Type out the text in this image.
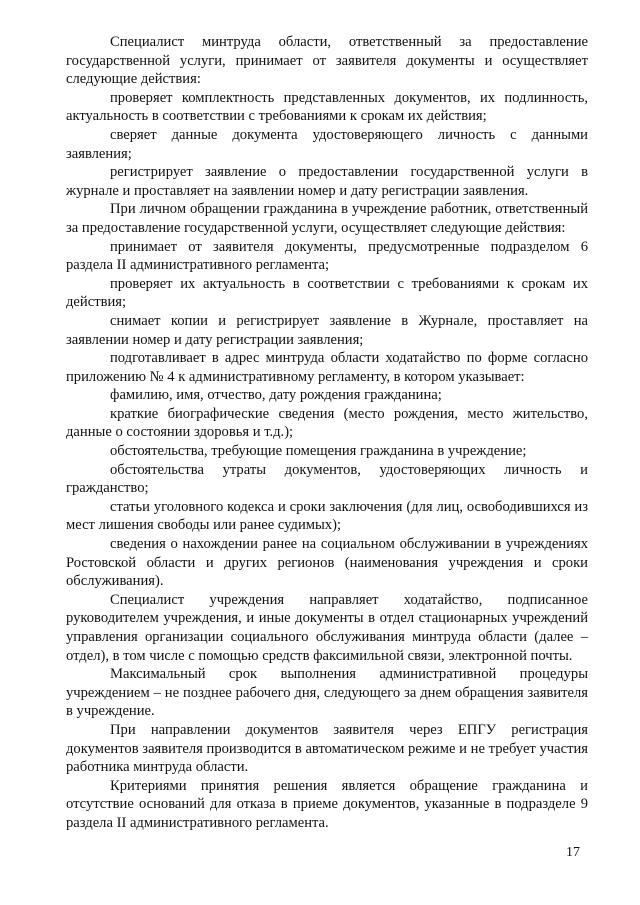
Специалист минтруда области, ответственный за предоставление государственной услуги, принимает от заявителя документы и осуществляет следующие действия:

проверяет комплектность представленных документов, их подлинность, актуальность в соответствии с требованиями к срокам их действия;

сверяет данные документа удостоверяющего личность с данными заявления;

регистрирует заявление о предоставлении государственной услуги в журнале и проставляет на заявлении номер и дату регистрации заявления.

При личном обращении гражданина в учреждение работник, ответственный за предоставление государственной услуги, осуществляет следующие действия:

принимает от заявителя документы, предусмотренные подразделом 6 раздела II административного регламента;

проверяет их актуальность в соответствии с требованиями к срокам их действия;

снимает копии и регистрирует заявление в Журнале, проставляет на заявлении номер и дату регистрации заявления;

подготавливает в адрес минтруда области ходатайство по форме согласно приложению № 4 к административному регламенту, в котором указывает:

фамилию, имя, отчество, дату рождения гражданина;

краткие биографические сведения (место рождения, место жительство, данные о состоянии здоровья и т.д.);

обстоятельства, требующие помещения гражданина в учреждение;

обстоятельства утраты документов, удостоверяющих личность и гражданство;

статьи уголовного кодекса и сроки заключения (для лиц, освободившихся из мест лишения свободы или ранее судимых);

сведения о нахождении ранее на социальном обслуживании в учреждениях Ростовской области и других регионов (наименования учреждения и сроки обслуживания).

Специалист учреждения направляет ходатайство, подписанное руководителем учреждения, и иные документы в отдел стационарных учреждений управления организации социального обслуживания минтруда области (далее – отдел), в том числе с помощью средств факсимильной связи, электронной почты.

Максимальный срок выполнения административной процедуры учреждением – не позднее рабочего дня, следующего за днем обращения заявителя в учреждение.

При направлении документов заявителя через ЕПГУ регистрация документов заявителя производится в автоматическом режиме и не требует участия работника минтруда области.

Критериями принятия решения является обращение гражданина и отсутствие оснований для отказа в приеме документов, указанные в подразделе 9 раздела II административного регламента.

17
